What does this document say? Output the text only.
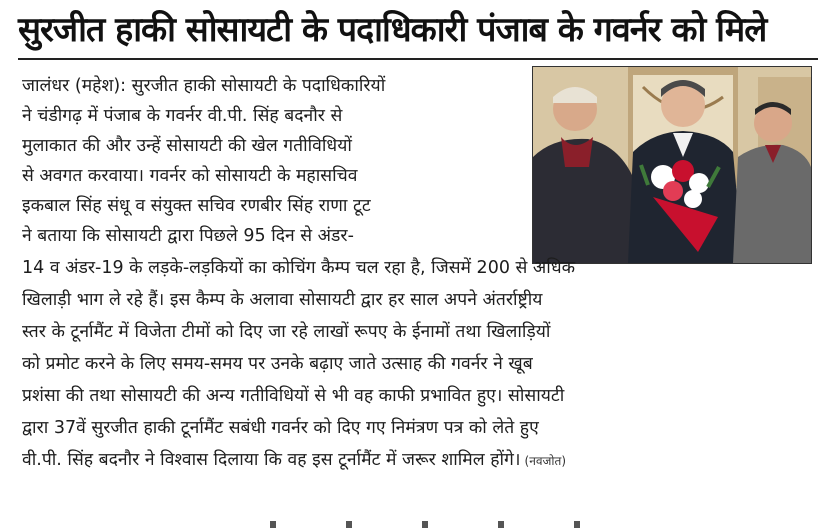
सुरजीत हाकी सोसायटी के पदाधिकारी पंजाब के गवर्नर को मिले

जालंधर (महेश): सुरजीत हाकी सोसायटी के पदाधिकारियों

ने चंडीगढ़ में पंजाब के गवर्नर वी.पी. सिंह बदनौर से

मुलाकात की और उन्हें सोसायटी की खेल गतीविधियों

से अवगत करवाया। गवर्नर को सोसायटी के महासचिव

इकबाल सिंह संधू व संयुक्त सचिव रणबीर सिंह राणा टूट

ने बताया कि सोसायटी द्वारा पिछले 95 दिन से अंडर-

14 व अंडर-19 के लड़के-लड़कियों का कोचिंग कैम्प चल रहा है, जिसमें 200 से अधिक

खिलाड़ी भाग ले रहे हैं। इस कैम्प के अलावा सोसायटी द्वार हर साल अपने अंतर्राष्ट्रीय

स्तर के टूर्नामैंट में विजेता टीमों को दिए जा रहे लाखों रूपए के ईनामों तथा खिलाड़ियों

को प्रमोट करने के लिए समय-समय पर उनके बढ़ाए जाते उत्साह की गवर्नर ने खूब

प्रशंसा की तथा सोसायटी की अन्य गतीविधियों से भी वह काफी प्रभावित हुए। सोसायटी

द्वारा 37वें सुरजीत हाकी टूर्नामैंट सबंधी गवर्नर को दिए गए निमंत्रण पत्र को लेते हुए

वी.पी. सिंह बदनौर ने विश्वास दिलाया कि वह इस टूर्नामैंट में जरूर शामिल होंगे। (नवजोत)
